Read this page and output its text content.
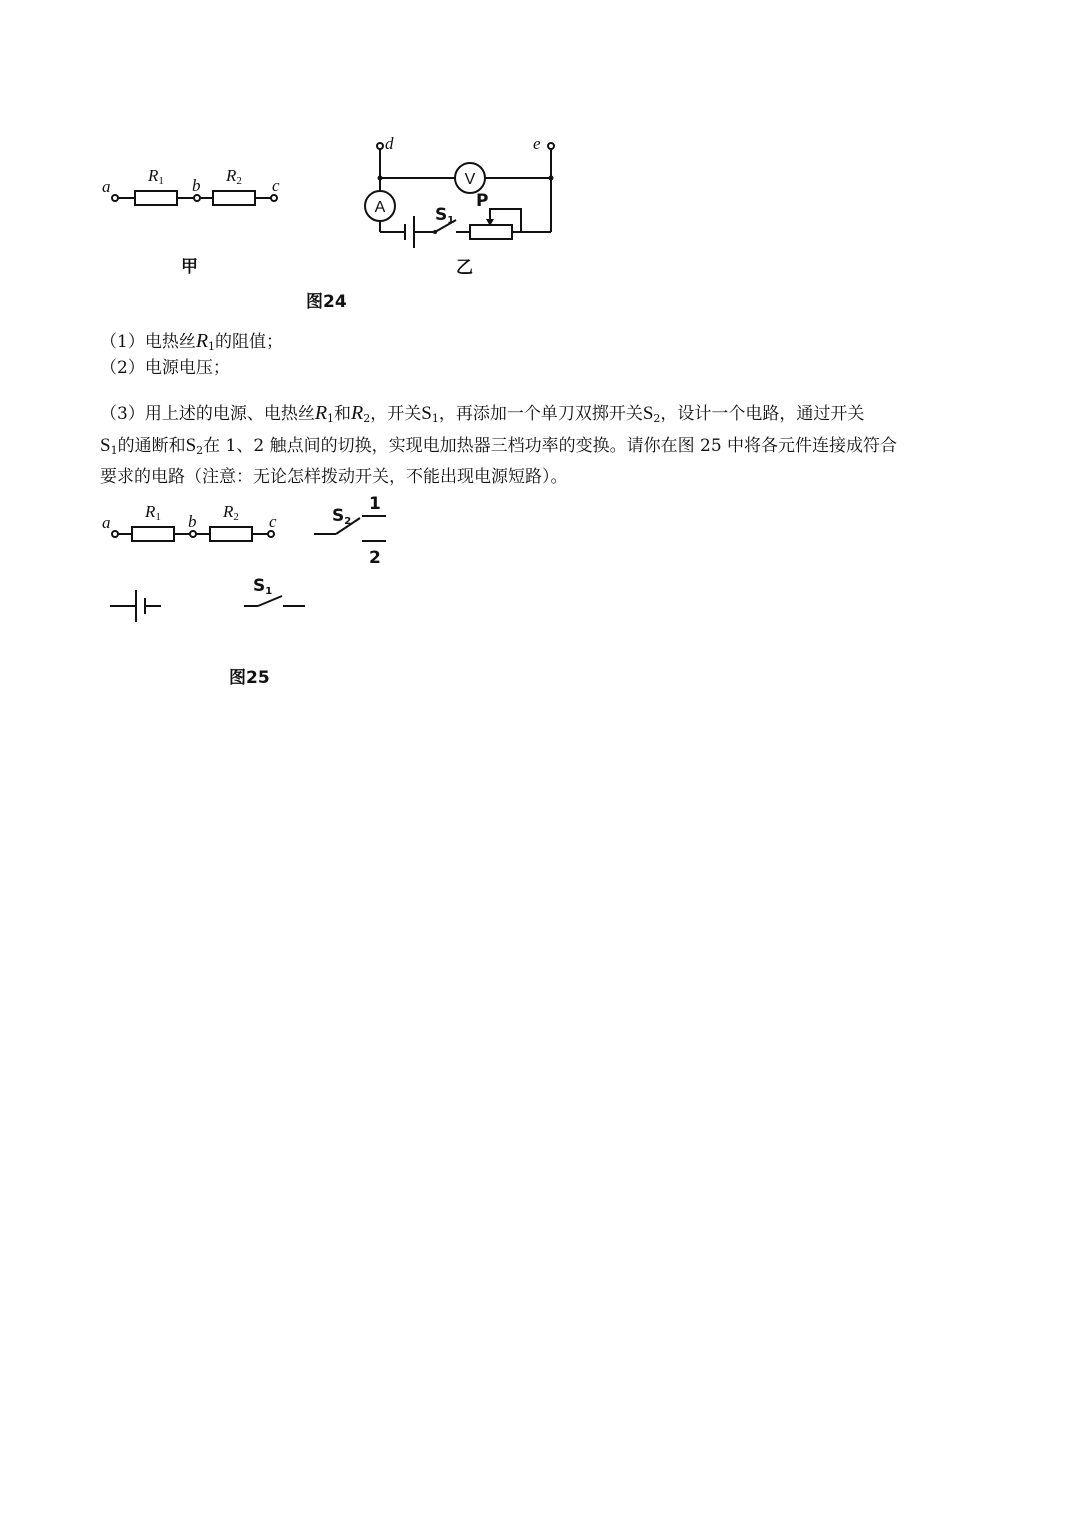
a
R1 b
R2 c
甲
d	e
V
A	S1
P
乙
图24
（1）电热丝$R_1$的阻值；
（2）电源电压；
（3）用上述的电源、电热丝$R_1$和$R_2$，开关$S_1$，再添加一个单刀双掷开关$S_2$，设计一个电路，通过开关
$S_1$的通断和$S_2$在 1、2 触点间的切换，实现电加热器三档功率的变换。请你在图 25 中将各元件连接成符合
要求的电路（注意：无论怎样拨动开关，不能出现电源短路）。
a
R1 b
R2 c	S2
1
2
S1
图25
